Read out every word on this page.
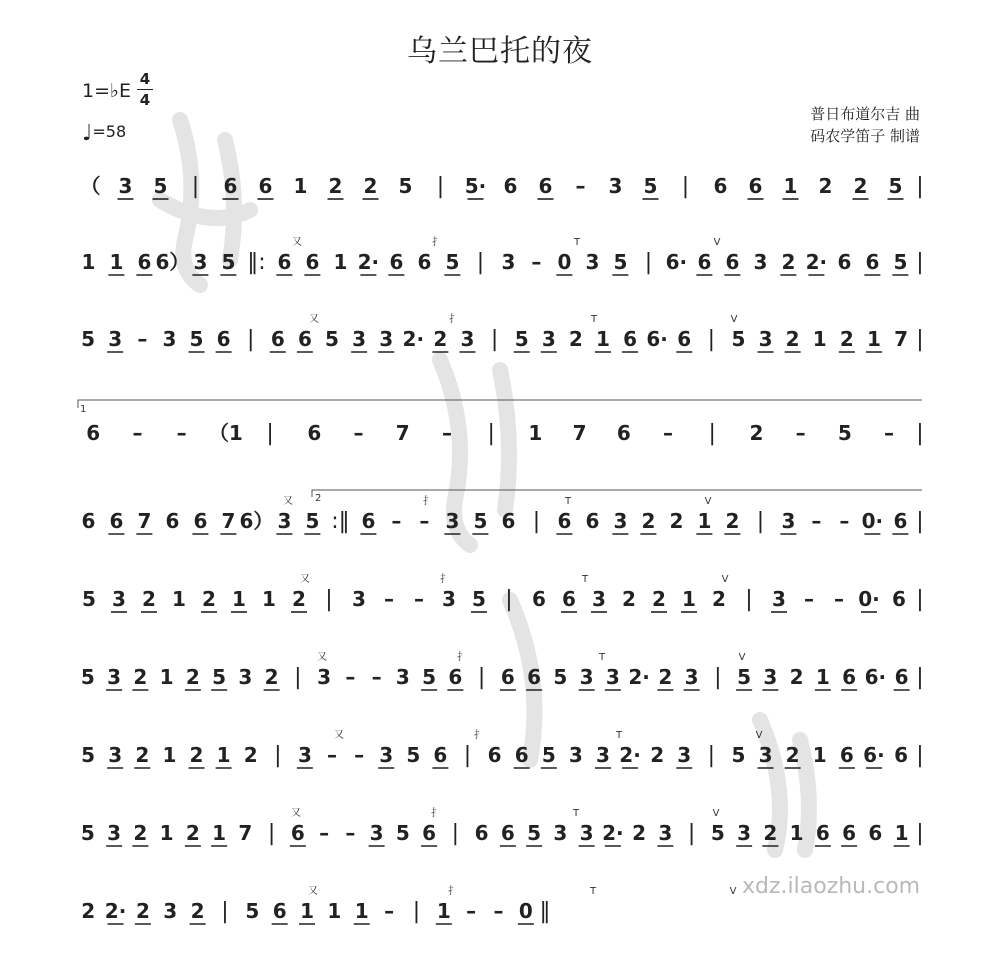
乌兰巴托的夜
1=♭E
4
4
♩=58
普日布道尔吉 曲
码农学笛子 制谱
1
2
（ 3 5 | 6 6 1 2 2 5 | 5· 6 6 – 3 5 | 6 6 1 2 2 5 |
1 1 6 6） 3 5 ‖: 6 6 1 2· 6 6 5 | 3 – 0 3 5 | 6· 6 6 3 2 2· 6 6 5 |
又	扌	T	V
5 3 – 3 5 6 | 6 6 5 3 3 2· 2 3 | 5 3 2 1 6 6· 6 | 5 3 2 1 2 1 7 |
又	扌	T	V
6 – – （1 | 6 – 7 – | 1 7 6 – | 2 – 5 – |
6 6 7 6 6 7 6） 3 5 :‖ 6 – – 3 5 6 | 6 6 3 2 2 1 2 | 3 – – 0· 6 |
又	扌	T	V
5 3 2 1 2 1 1 2 | 3 – – 3 5 | 6 6 3 2 2 1 2 | 3 – – 0· 6 |
又	扌	T	V
5 3 2 1 2 5 3 2 | 3 – – 3 5 6 | 6 6 5 3 3 2· 2 3 | 5 3 2 1 6 6· 6 |
又	扌	T	V
5 3 2 1 2 1 2 | 3 – – 3 5 6 | 6 6 5 3 3 2· 2 3 | 5 3 2 1 6 6· 6 |
又	扌	T	V
5 3 2 1 2 1 7 | 6 – – 3 5 6 | 6 6 5 3 3 2· 2 3 | 5 3 2 1 6 6 6 1 |
又	扌	T	V
2 2· 2 3 2 | 5 6 1 1 1 – | 1 – – 0 ‖
又	扌	T	V xdz.ilaozhu.com
